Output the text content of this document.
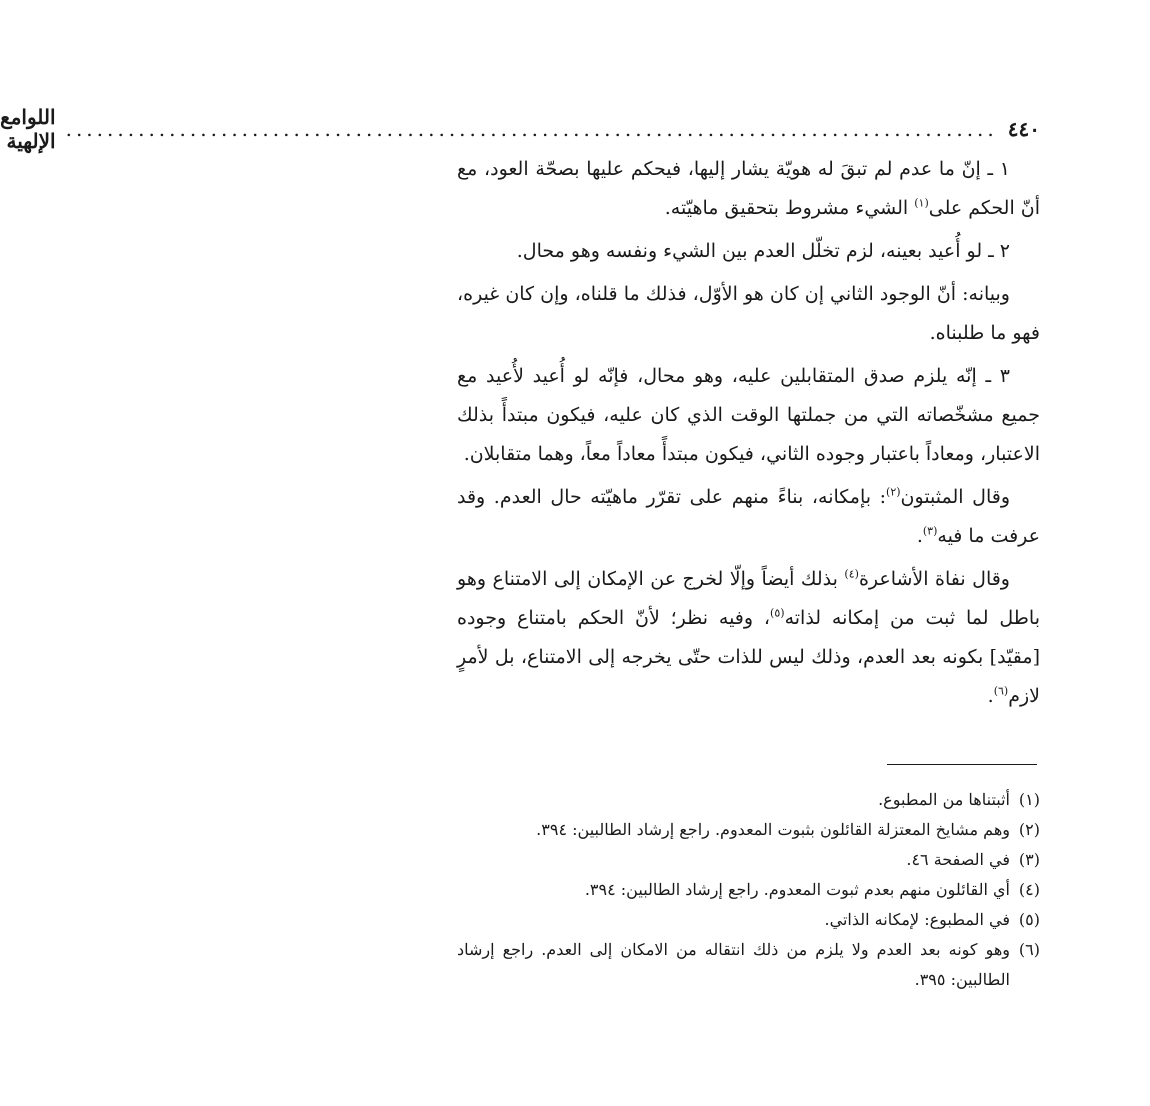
٤٤٠
..........................................................................................
اللوامع الإلهية

١ ـ إنّ ما عدم لم تبقَ له هويّة يشار إليها، فيحكم عليها بصحّة العود، مع أنّ الحكم على$^{(١)}$ الشيء مشروط بتحقيق ماهيّته.

٢ ـ لو أُعيد بعينه، لزم تخلّل العدم بين الشيء ونفسه وهو محال.

وبيانه: أنّ الوجود الثاني إن كان هو الأوّل، فذلك ما قلناه، وإن كان غيره، فهو ما طلبناه.

٣ ـ إنّه يلزم صدق المتقابلين عليه، وهو محال، فإنّه لو أُعيد لأُعيد مع جميع مشخّصاته التي من جملتها الوقت الذي كان عليه، فيكون مبتدأً بذلك الاعتبار، ومعاداً باعتبار وجوده الثاني، فيكون مبتدأً معاداً معاً، وهما متقابلان.

وقال المثبتون$^{(٢)}$: بإمكانه، بناءً منهم على تقرّر ماهيّته حال العدم. وقد عرفت ما فيه$^{(٣)}$.

وقال نفاة الأشاعرة$^{(٤)}$ بذلك أيضاً وإلّا لخرج عن الإمكان إلى الامتناع وهو باطل لما ثبت من إمكانه لذاته$^{(٥)}$، وفيه نظر؛ لأنّ الحكم بامتناع وجوده [مقيّد] بكونه بعد العدم، وذلك ليس للذات حتّى يخرجه إلى الامتناع، بل لأمرٍ لازم$^{(٦)}$.

(١)
أثبتناها من المطبوع.
(٢)
وهم مشايخ المعتزلة القائلون بثبوت المعدوم. راجع إرشاد الطالبين: ٣٩٤.
(٣)
في الصفحة ٤٦.
(٤)
أي القائلون منهم بعدم ثبوت المعدوم. راجع إرشاد الطالبين: ٣٩٤.
(٥)
في المطبوع: لإمكانه الذاتي.
(٦)
وهو كونه بعد العدم ولا يلزم من ذلك انتقاله من الامكان إلى العدم. راجع إرشاد الطالبين: ٣٩٥.
